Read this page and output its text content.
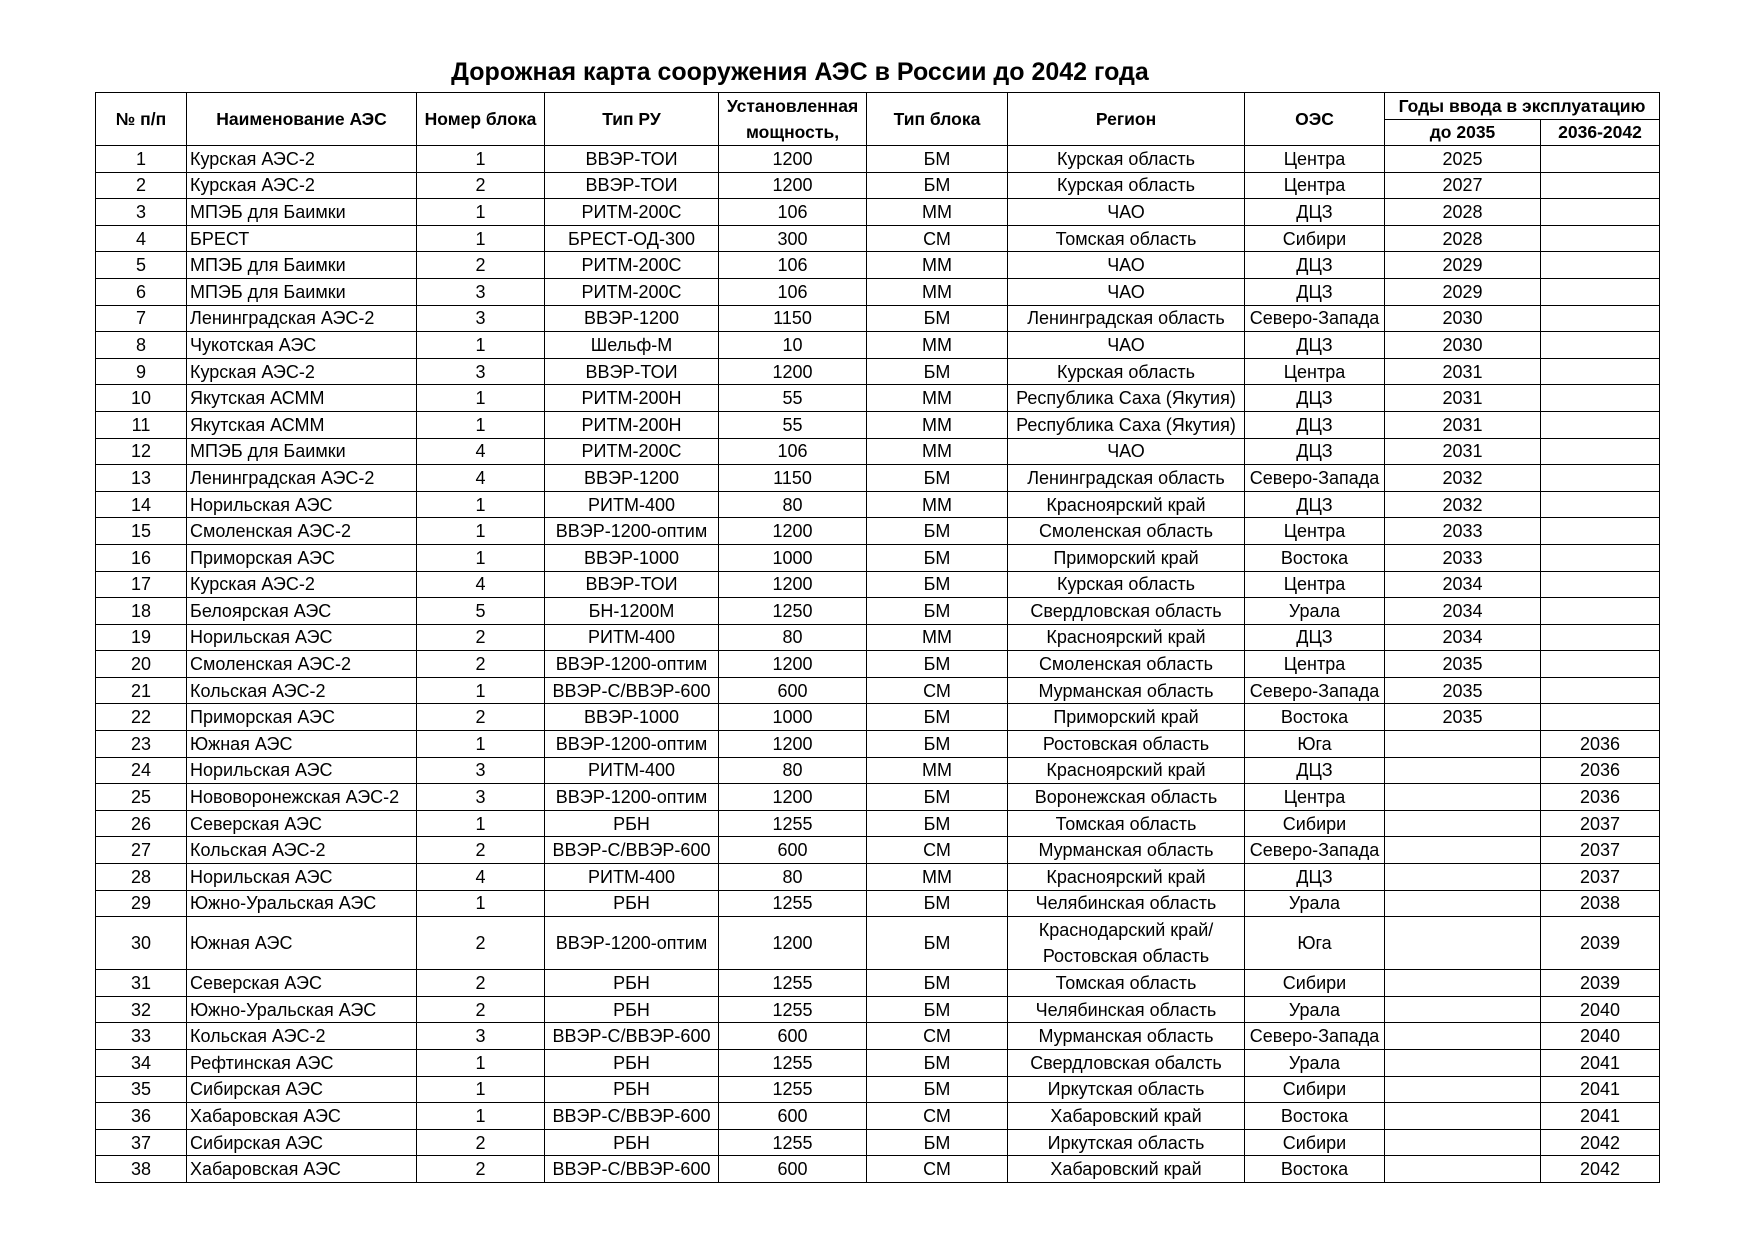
Дорожная карта сооружения АЭС в России до 2042 года
№ п/п	Наименование АЭС	Номер блока	Тип РУ	Установленная мощность,	Тип блока	Регион	ОЭС	Годы ввода в эксплуатацию	
								до 2035	2036-2042
1	Курская АЭС-2	1	ВВЭР-ТОИ	1200	БМ	Курская область	Центра	2025	
2	Курская АЭС-2	2	ВВЭР-ТОИ	1200	БМ	Курская область	Центра	2027	
3	МПЭБ для Баимки	1	РИТМ-200С	106	ММ	ЧАО	ДЦЗ	2028	
4	БРЕСТ	1	БРЕСТ-ОД-300	300	СМ	Томская область	Сибири	2028	
5	МПЭБ для Баимки	2	РИТМ-200С	106	ММ	ЧАО	ДЦЗ	2029	
6	МПЭБ для Баимки	3	РИТМ-200С	106	ММ	ЧАО	ДЦЗ	2029	
7	Ленинградская АЭС-2	3	ВВЭР-1200	1150	БМ	Ленинградская область	Северо-Запада	2030	
8	Чукотская АЭС	1	Шельф-М	10	ММ	ЧАО	ДЦЗ	2030	
9	Курская АЭС-2	3	ВВЭР-ТОИ	1200	БМ	Курская область	Центра	2031	
10	Якутская АСММ	1	РИТМ-200Н	55	ММ	Республика Саха (Якутия)	ДЦЗ	2031	
11	Якутская АСММ	1	РИТМ-200Н	55	ММ	Республика Саха (Якутия)	ДЦЗ	2031	
12	МПЭБ для Баимки	4	РИТМ-200С	106	ММ	ЧАО	ДЦЗ	2031	
13	Ленинградская АЭС-2	4	ВВЭР-1200	1150	БМ	Ленинградская область	Северо-Запада	2032	
14	Норильская АЭС	1	РИТМ-400	80	ММ	Красноярский край	ДЦЗ	2032	
15	Смоленская АЭС-2	1	ВВЭР-1200-оптим	1200	БМ	Смоленская область	Центра	2033	
16	Приморская АЭС	1	ВВЭР-1000	1000	БМ	Приморский край	Востока	2033	
17	Курская АЭС-2	4	ВВЭР-ТОИ	1200	БМ	Курская область	Центра	2034	
18	Белоярская АЭС	5	БН-1200М	1250	БМ	Свердловская область	Урала	2034	
19	Норильская АЭС	2	РИТМ-400	80	ММ	Красноярский край	ДЦЗ	2034	
20	Смоленская АЭС-2	2	ВВЭР-1200-оптим	1200	БМ	Смоленская область	Центра	2035	
21	Кольская АЭС-2	1	ВВЭР-С/ВВЭР-600	600	СМ	Мурманская область	Северо-Запада	2035	
22	Приморская АЭС	2	ВВЭР-1000	1000	БМ	Приморский край	Востока	2035	
23	Южная АЭС	1	ВВЭР-1200-оптим	1200	БМ	Ростовская область	Юга		2036
24	Норильская АЭС	3	РИТМ-400	80	ММ	Красноярский край	ДЦЗ		2036
25	Нововоронежская АЭС-2	3	ВВЭР-1200-оптим	1200	БМ	Воронежская область	Центра		2036
26	Северская АЭС	1	РБН	1255	БМ	Томская область	Сибири		2037
27	Кольская АЭС-2	2	ВВЭР-С/ВВЭР-600	600	СМ	Мурманская область	Северо-Запада		2037
28	Норильская АЭС	4	РИТМ-400	80	ММ	Красноярский край	ДЦЗ		2037
29	Южно-Уральская АЭС	1	РБН	1255	БМ	Челябинская область	Урала		2038
30	Южная АЭС	2	ВВЭР-1200-оптим	1200	БМ	Краснодарский край/ Ростовская область	Юга		2039
31	Северская АЭС	2	РБН	1255	БМ	Томская область	Сибири		2039
32	Южно-Уральская АЭС	2	РБН	1255	БМ	Челябинская область	Урала		2040
33	Кольская АЭС-2	3	ВВЭР-С/ВВЭР-600	600	СМ	Мурманская область	Северо-Запада		2040
34	Рефтинская АЭС	1	РБН	1255	БМ	Свердловская обалсть	Урала		2041
35	Сибирская АЭС	1	РБН	1255	БМ	Иркутская область	Сибири		2041
36	Хабаровская АЭС	1	ВВЭР-С/ВВЭР-600	600	СМ	Хабаровский край	Востока		2041
37	Сибирская АЭС	2	РБН	1255	БМ	Иркутская область	Сибири		2042
38	Хабаровская АЭС	2	ВВЭР-С/ВВЭР-600	600	СМ	Хабаровский край	Востока		2042
